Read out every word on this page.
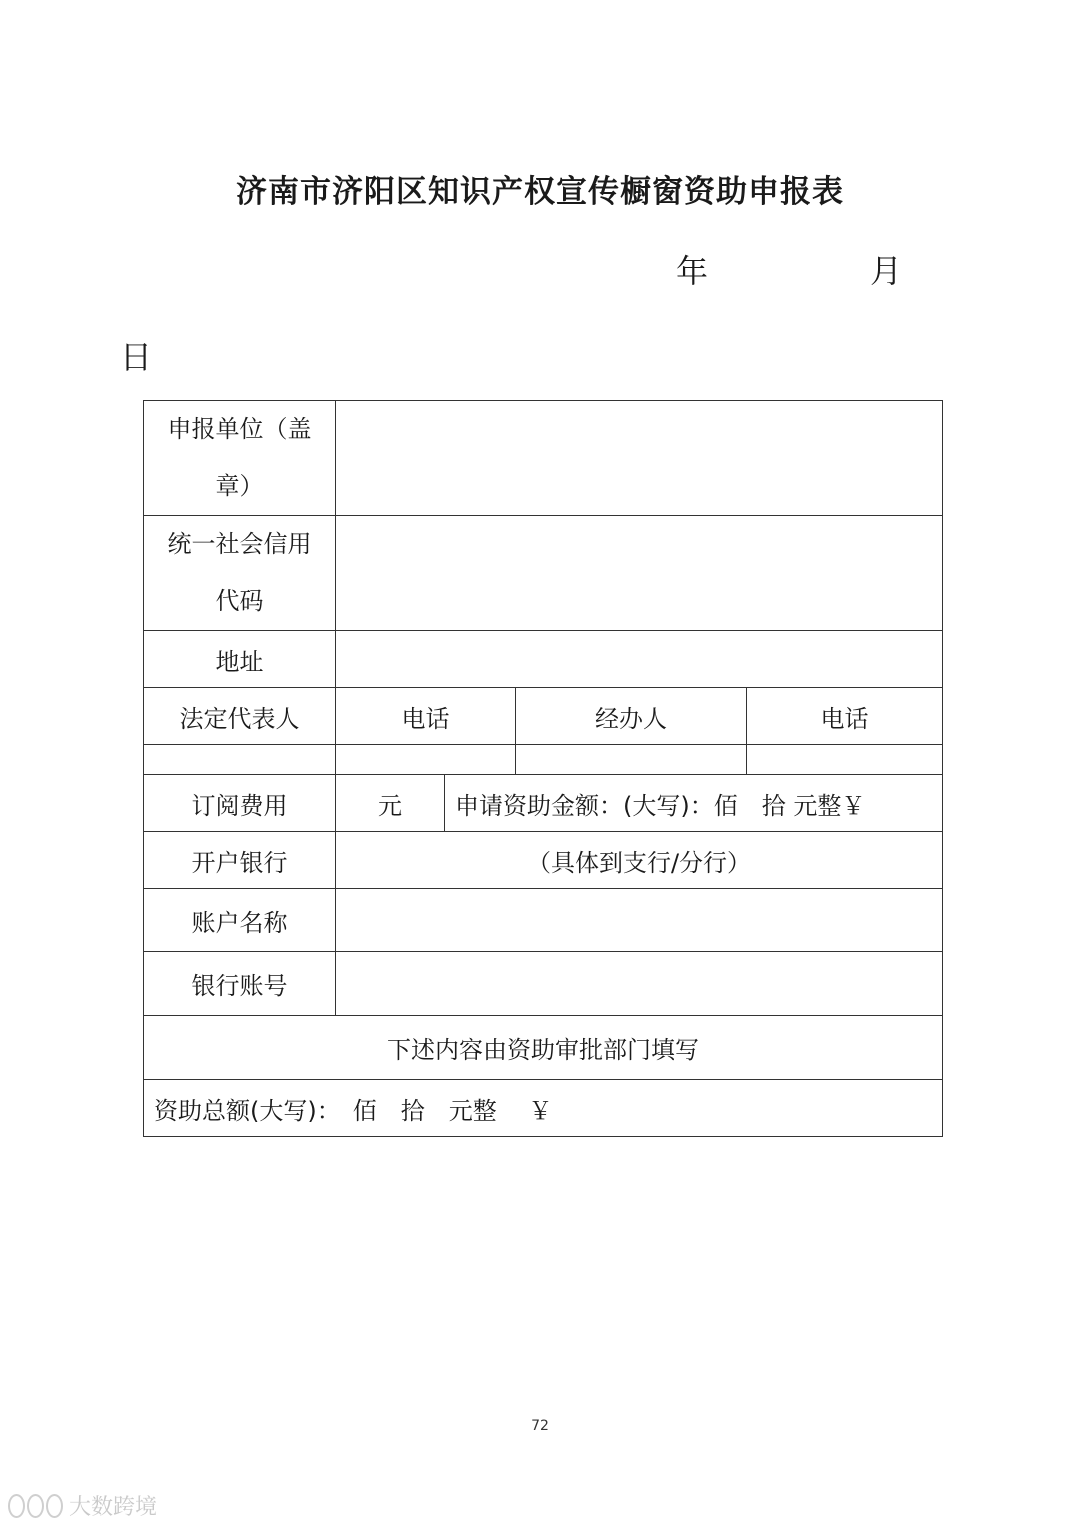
济南市济阳区知识产权宣传橱窗资助申报表
年	月
日
申报单位（盖
章）				

统一社会信用
代码				

地址				
法定代表人	电话		经办人	电话

订阅费用	元	申请资助金额：(大写)：佰　拾 元整￥		
开户银行	（具体到支行/分行）			
账户名称				
银行账号				
下述内容由资助审批部门填写				
资助总额(大写)：　佰　拾　元整　 ￥				
72
大数跨境
